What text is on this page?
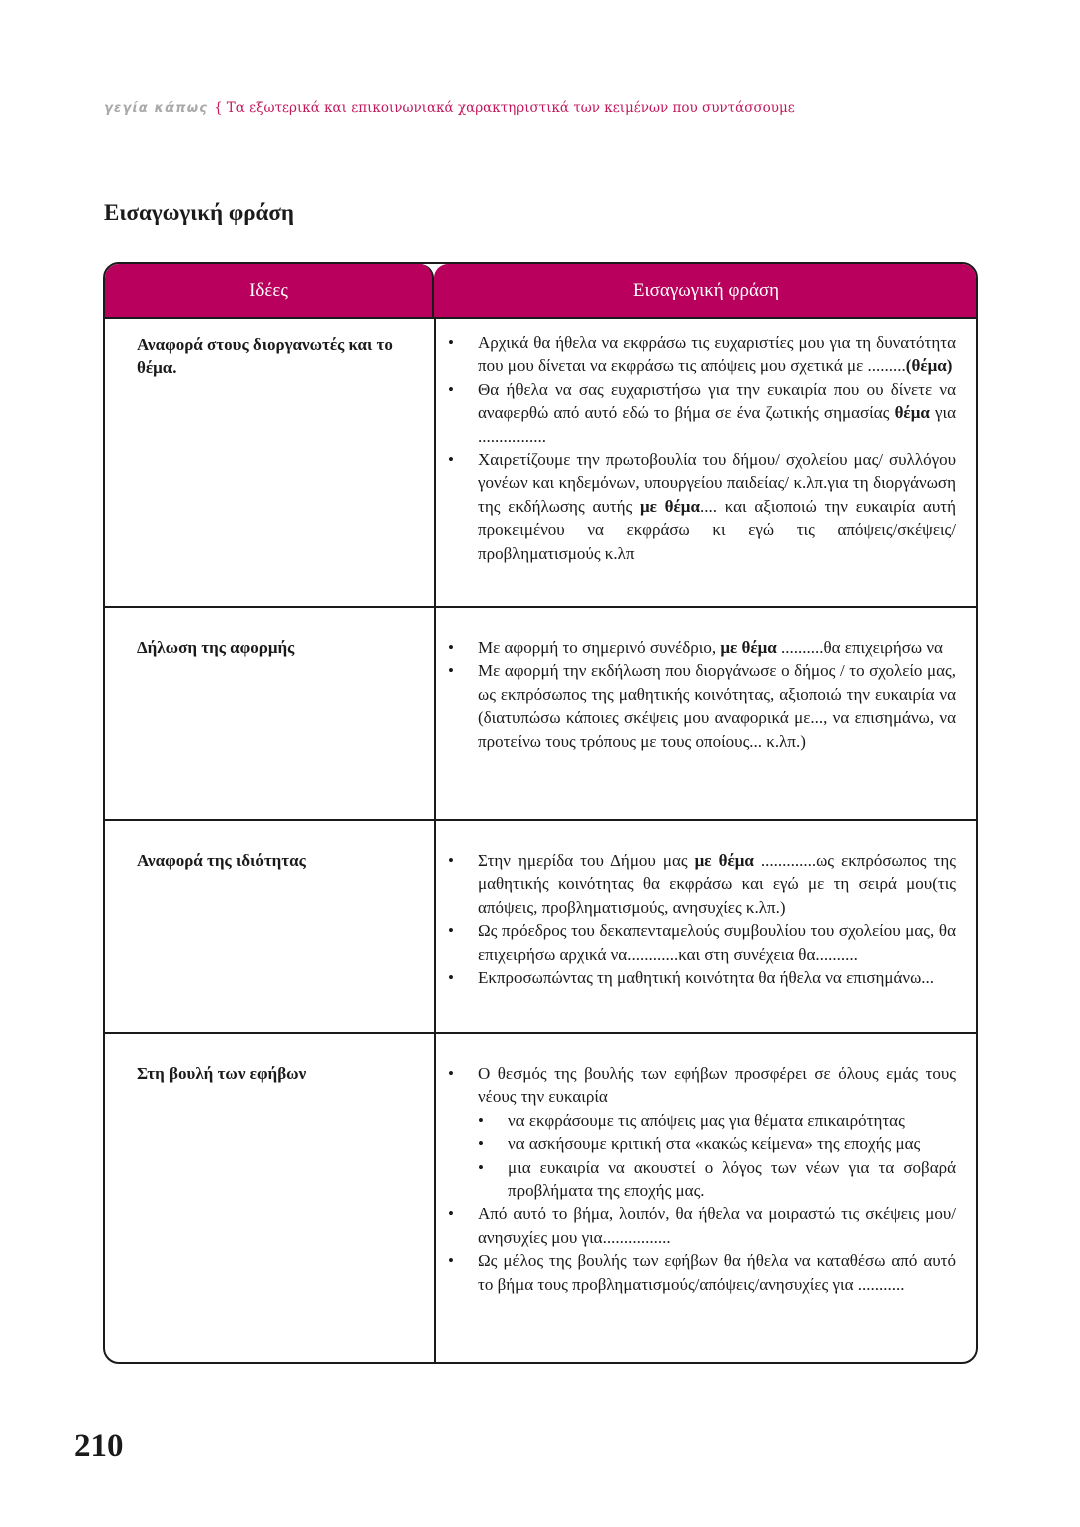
γεγία κάπως { Τα εξωτερικά και επικοινωνιακά χαρακτηριστικά των κειμένων που συντάσσουμε
Εισαγωγική φράση
Ιδέες	Εισαγωγική φράση
Αναφορά στους διοργανωτές και το θέμα.
• Αρχικά θα ήθελα να εκφράσω τις ευχαριστίες μου για τη δυνατότητα που μου δίνεται να εκφράσω τις απόψεις μου σχετικά με .........(θέμα)
• Θα ήθελα να σας ευχαριστήσω για την ευκαιρία που ου δίνετε να αναφερθώ από αυτό εδώ το βήμα σε ένα ζωτικής σημασίας θέμα για ................
• Χαιρετίζουμε την πρωτοβουλία του δήμου/ σχολείου μας/ συλλόγου γονέων και κηδεμόνων, υπουργείου παιδείας/ κ.λπ.για τη διοργάνωση της εκδήλωσης αυτής με θέμα.... και αξιοποιώ την ευκαιρία αυτή προκειμένου να εκφράσω κι εγώ τις απόψεις/σκέψεις/προβληματισμούς κ.λπ
Δήλωση της αφορμής	• Με αφορμή το σημερινό συνέδριο, με θέμα ..........θα επιχειρήσω να
• Με αφορμή την εκδήλωση που διοργάνωσε ο δήμος / το σχολείο μας, ως εκπρόσωπος της μαθητικής κοινότητας, αξιοποιώ την ευκαιρία να (διατυπώσω κάποιες σκέψεις μου αναφορικά με..., να επισημάνω, να προτείνω τους τρόπους με τους οποίους... κ.λπ.)
Αναφορά της ιδιότητας	• Στην ημερίδα του Δήμου μας με θέμα .............ως εκπρόσωπος της μαθητικής κοινότητας θα εκφράσω και εγώ με τη σειρά μου(τις απόψεις, προβληματισμούς, ανησυχίες κ.λπ.)
• Ως πρόεδρος του δεκαπενταμελούς συμβουλίου του σχολείου μας, θα επιχειρήσω αρχικά να............και στη συνέχεια θα..........
• Εκπροσωπώντας τη μαθητική κοινότητα θα ήθελα να επισημάνω...
Στη βουλή των εφήβων	• Ο θεσμός της βουλής των εφήβων προσφέρει σε όλους εμάς τους νέους την ευκαιρία
• να εκφράσουμε τις απόψεις μας για θέματα επικαιρότητας
• να ασκήσουμε κριτική στα «κακώς κείμενα» της εποχής μας
• μια ευκαιρία να ακουστεί ο λόγος των νέων για τα σοβαρά προβλήματα της εποχής μας.
• Από αυτό το βήμα, λοιπόν, θα ήθελα να μοιραστώ τις σκέψεις μου/ ανησυχίες μου για................
• Ως μέλος της βουλής των εφήβων θα ήθελα να καταθέσω από αυτό το βήμα τους προβληματισμούς/απόψεις/ανησυχίες για ...........
210
